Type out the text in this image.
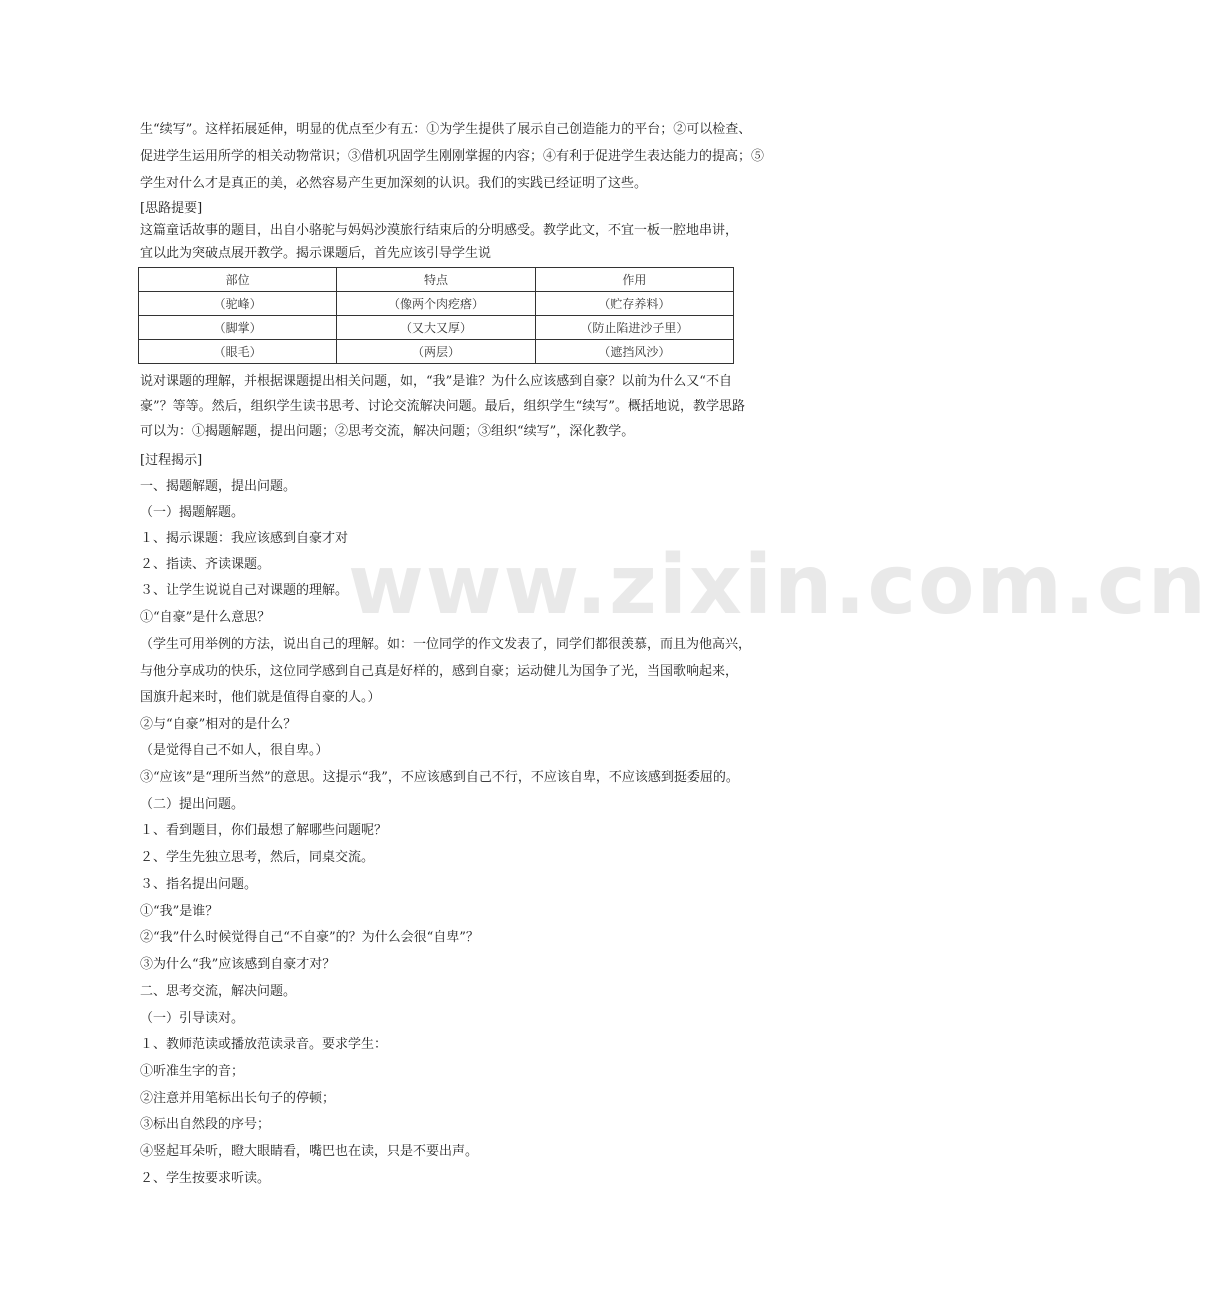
www.zixin.com.cn
生“续写”。这样拓展延伸，明显的优点至少有五：①为学生提供了展示自己创造能力的平台；②可以检查、
促进学生运用所学的相关动物常识；③借机巩固学生刚刚掌握的内容；④有利于促进学生表达能力的提高；⑤
学生对什么才是真正的美，必然容易产生更加深刻的认识。我们的实践已经证明了这些。
[思路提要]
这篇童话故事的题目，出自小骆驼与妈妈沙漠旅行结束后的分明感受。教学此文，不宜一板一腔地串讲，
宜以此为突破点展开教学。揭示课题后，首先应该引导学生说
部位	特点	作用
（驼峰）	（像两个肉疙瘩）	（贮存养料）
（脚掌）	（又大又厚）	（防止陷进沙子里）
（眼毛）	（两层）	（遮挡风沙）
说对课题的理解，并根据课题提出相关问题，如，“我”是谁？为什么应该感到自豪？以前为什么又“不自
豪”？等等。然后，组织学生读书思考、讨论交流解决问题。最后，组织学生“续写”。概括地说，教学思路
可以为：①揭题解题，提出问题；②思考交流，解决问题；③组织“续写”，深化教学。
[过程揭示]
一、揭题解题，提出问题。
（一）揭题解题。
１、揭示课题：我应该感到自豪才对
２、指读、齐读课题。
３、让学生说说自己对课题的理解。
①“自豪”是什么意思？
（学生可用举例的方法，说出自己的理解。如：一位同学的作文发表了，同学们都很羡慕，而且为他高兴，
与他分享成功的快乐，这位同学感到自己真是好样的，感到自豪；运动健儿为国争了光，当国歌响起来，
国旗升起来时，他们就是值得自豪的人。）
②与“自豪”相对的是什么？
（是觉得自己不如人，很自卑。）
③“应该”是“理所当然”的意思。这提示“我”，不应该感到自己不行，不应该自卑，不应该感到挺委屈的。
（二）提出问题。
１、看到题目，你们最想了解哪些问题呢？
２、学生先独立思考，然后，同桌交流。
３、指名提出问题。
①“我”是谁？
②“我”什么时候觉得自己“不自豪”的？为什么会很“自卑”？
③为什么“我”应该感到自豪才对？
二、思考交流，解决问题。
（一）引导读对。
１、教师范读或播放范读录音。要求学生：
①听准生字的音；
②注意并用笔标出长句子的停顿；
③标出自然段的序号；
④竖起耳朵听，瞪大眼睛看，嘴巴也在读，只是不要出声。
２、学生按要求听读。
